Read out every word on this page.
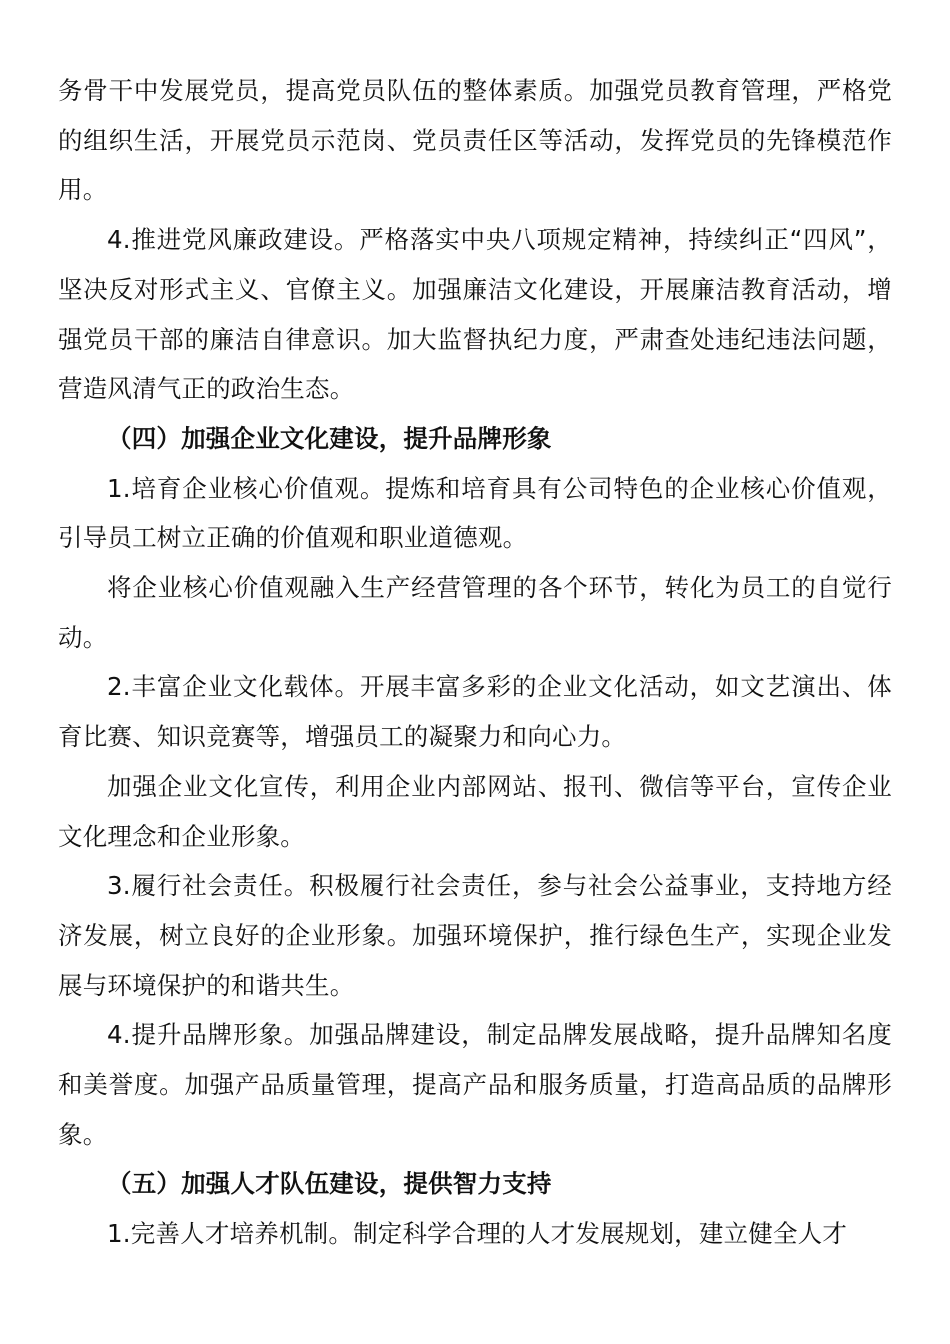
务骨干中发展党员，提高党员队伍的整体素质。加强党员教育管理，严格党的组织生活，开展党员示范岗、党员责任区等活动，发挥党员的先锋模范作用。

4.推进党风廉政建设。严格落实中央八项规定精神，持续纠正“四风”，坚决反对形式主义、官僚主义。加强廉洁文化建设，开展廉洁教育活动，增强党员干部的廉洁自律意识。加大监督执纪力度，严肃查处违纪违法问题，营造风清气正的政治生态。

（四）加强企业文化建设，提升品牌形象

1.培育企业核心价值观。提炼和培育具有公司特色的企业核心价值观，引导员工树立正确的价值观和职业道德观。

将企业核心价值观融入生产经营管理的各个环节，转化为员工的自觉行动。

2.丰富企业文化载体。开展丰富多彩的企业文化活动，如文艺演出、体育比赛、知识竞赛等，增强员工的凝聚力和向心力。

加强企业文化宣传，利用企业内部网站、报刊、微信等平台，宣传企业文化理念和企业形象。

3.履行社会责任。积极履行社会责任，参与社会公益事业，支持地方经济发展，树立良好的企业形象。加强环境保护，推行绿色生产，实现企业发展与环境保护的和谐共生。

4.提升品牌形象。加强品牌建设，制定品牌发展战略，提升品牌知名度和美誉度。加强产品质量管理，提高产品和服务质量，打造高品质的品牌形象。

（五）加强人才队伍建设，提供智力支持

1.完善人才培养机制。制定科学合理的人才发展规划，建立健全人才
